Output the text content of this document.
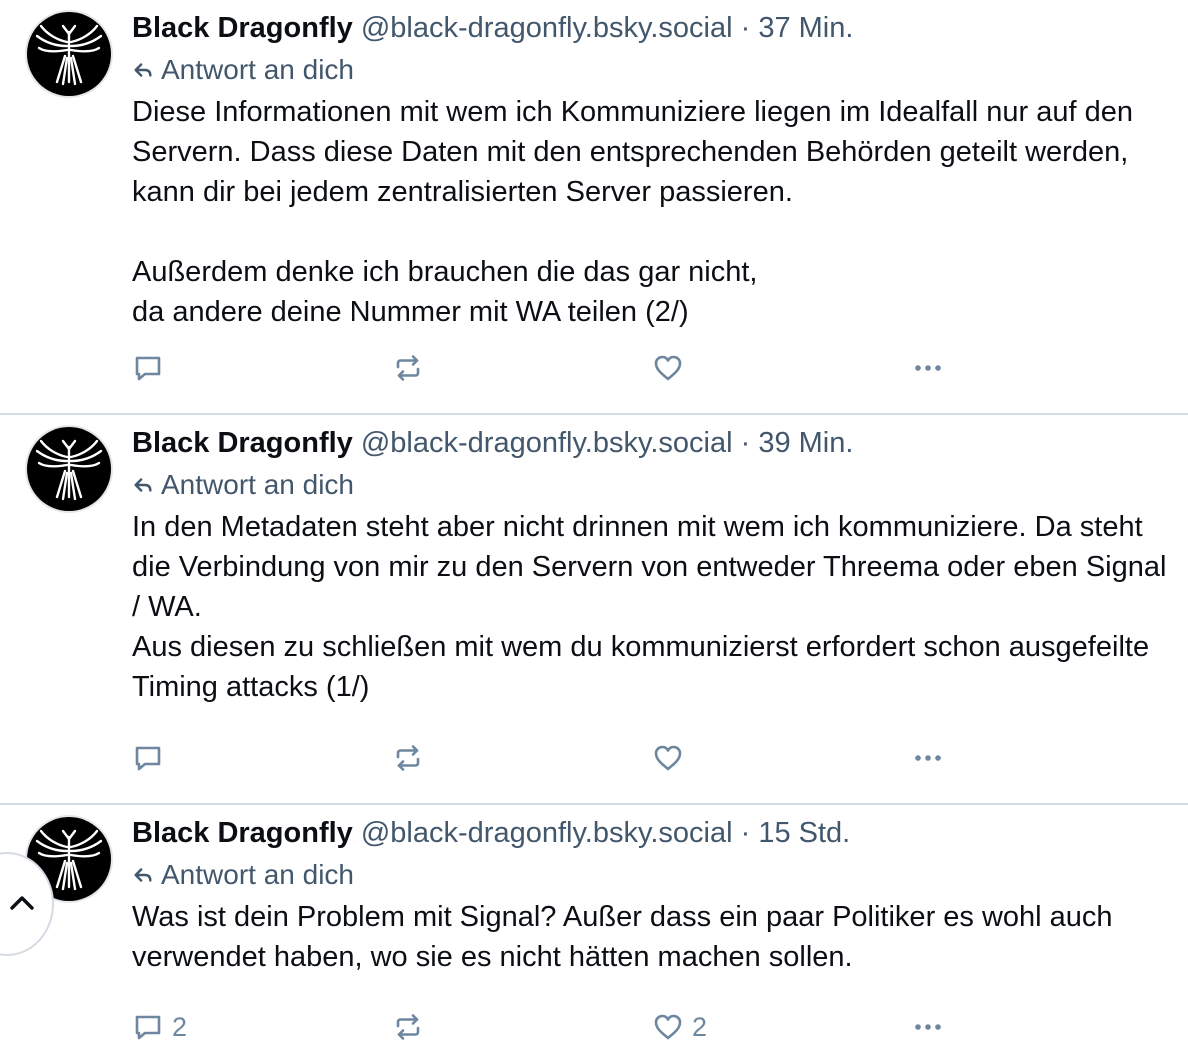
Black Dragonfly @black-dragonfly.bsky.social · 37 Min.
Antwort an dich
Diese Informationen mit wem ich Kommuniziere liegen im Idealfall nur auf den Servern. Dass diese Daten mit den entsprechenden Behörden geteilt werden, kann dir bei jedem zentralisierten Server passieren.

Außerdem denke ich brauchen die das gar nicht,
da andere deine Nummer mit WA teilen (2/)
Black Dragonfly @black-dragonfly.bsky.social · 39 Min.
Antwort an dich
In den Metadaten steht aber nicht drinnen mit wem ich kommuniziere. Da steht die Verbindung von mir zu den Servern von entweder Threema oder eben Signal / WA.
Aus diesen zu schließen mit wem du kommunizierst erfordert schon ausgefeilte Timing attacks (1/)
Black Dragonfly @black-dragonfly.bsky.social · 15 Std.
Antwort an dich
Was ist dein Problem mit Signal? Außer dass ein paar Politiker es wohl auch verwendet haben, wo sie es nicht hätten machen sollen.
2	2
